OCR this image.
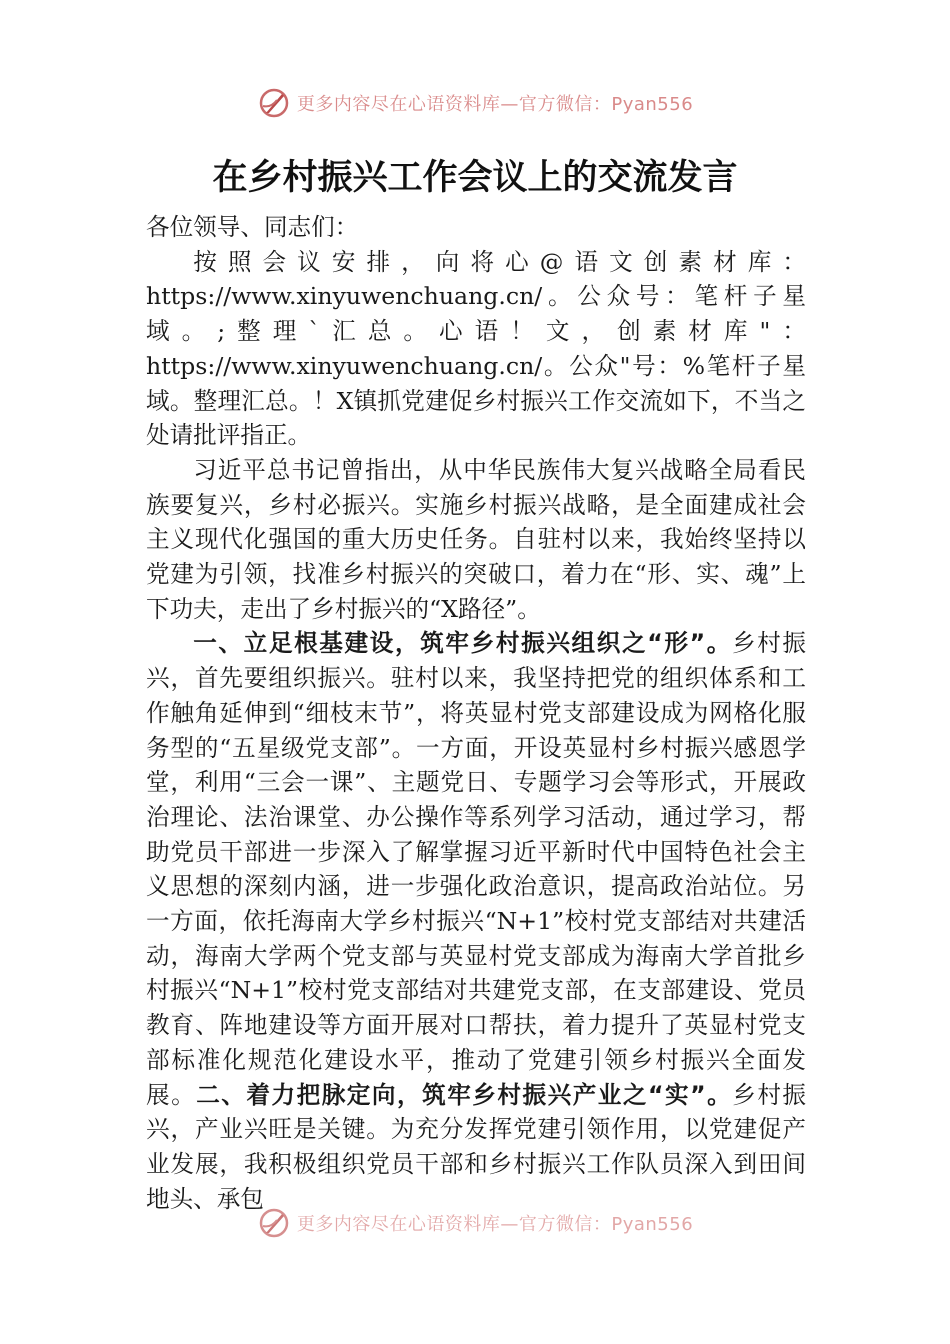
更多内容尽在心语资料库—官方微信：Pyan556
在乡村振兴工作会议上的交流发言

各位领导、同志们：

按照会议安排，向将心@语文创素材库：https://www.xinyuwenchuang.cn/。公众号：笔杆子星域。;整理`汇总。心语！文，创素材库"：https://www.xinyuwenchuang.cn/。公众"号：%笔杆子星域。整理汇总。！X镇抓党建促乡村振兴工作交流如下，不当之处请批评指正。

习近平总书记曾指出，从中华民族伟大复兴战略全局看民族要复兴，乡村必振兴。实施乡村振兴战略，是全面建成社会主义现代化强国的重大历史任务。自驻村以来，我始终坚持以党建为引领，找准乡村振兴的突破口，着力在“形、实、魂”上下功夫，走出了乡村振兴的“X路径”。

一、立足根基建设，筑牢乡村振兴组织之“形”。乡村振兴，首先要组织振兴。驻村以来，我坚持把党的组织体系和工作触角延伸到“细枝末节”，将英显村党支部建设成为网格化服务型的“五星级党支部”。一方面，开设英显村乡村振兴感恩学堂，利用“三会一课”、主题党日、专题学习会等形式，开展政治理论、法治课堂、办公操作等系列学习活动，通过学习，帮助党员干部进一步深入了解掌握习近平新时代中国特色社会主义思想的深刻内涵，进一步强化政治意识，提高政治站位。另一方面，依托海南大学乡村振兴“N+1”校村党支部结对共建活动，海南大学两个党支部与英显村党支部成为海南大学首批乡村振兴“N+1”校村党支部结对共建党支部，在支部建设、党员教育、阵地建设等方面开展对口帮扶，着力提升了英显村党支部标准化规范化建设水平，推动了党建引领乡村振兴全面发展。二、着力把脉定向，筑牢乡村振兴产业之“实”。乡村振兴，产业兴旺是关键。为充分发挥党建引领作用，以党建促产业发展，我积极组织党员干部和乡村振兴工作队员深入到田间地头、承包

更多内容尽在心语资料库—官方微信：Pyan556
